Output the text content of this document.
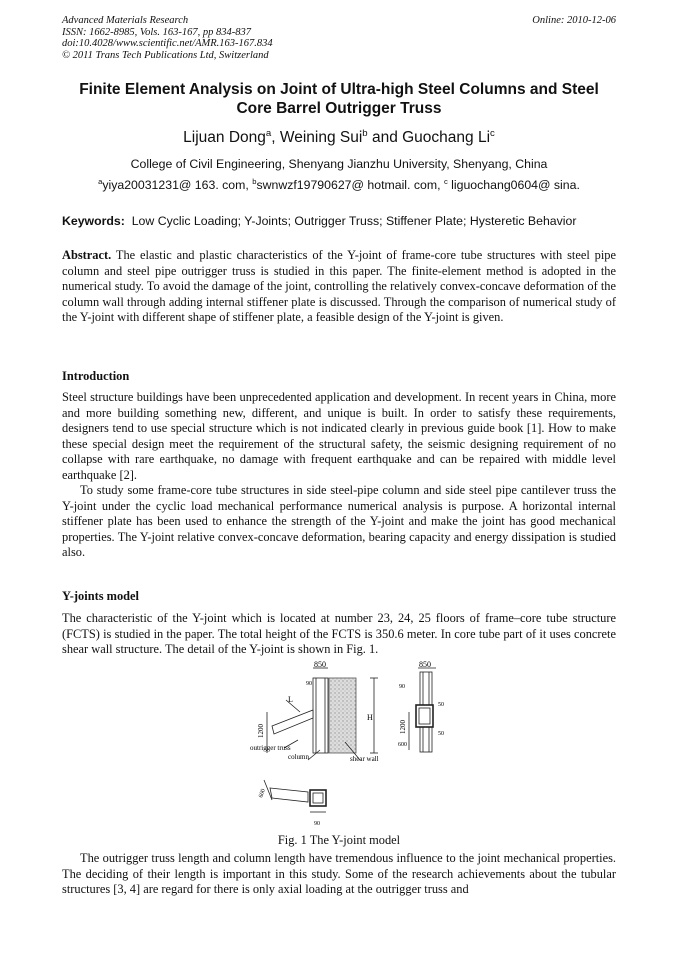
Advanced Materials Research
ISSN: 1662-8985, Vols. 163-167, pp 834-837
doi:10.4028/www.scientific.net/AMR.163-167.834
© 2011 Trans Tech Publications Ltd, Switzerland
Online: 2010-12-06
Finite Element Analysis on Joint of Ultra-high Steel Columns and Steel Core Barrel Outrigger Truss
Lijuan Dong$^a$, Weining Sui$^b$ and Guochang Li$^c$
College of Civil Engineering, Shenyang Jianzhu University, Shenyang, China
$^a$yiya20031231@ 163. com, $^b$swnwzf19790627@ hotmail. com, $^c$ liguochang0604@ sina.
Keywords: Low Cyclic Loading; Y-Joints; Outrigger Truss; Stiffener Plate; Hysteretic Behavior

Abstract. The elastic and plastic characteristics of the Y-joint of frame-core tube structures with steel pipe column and steel pipe outrigger truss is studied in this paper. The finite-element method is adopted in the numerical study. To avoid the damage of the joint, controlling the relatively convex-concave deformation of the column wall through adding internal stiffener plate is discussed. Through the comparison of numerical study of the Y-joint with different shape of stiffener plate, a feasible design of the Y-joint is given.

Introduction

Steel structure buildings have been unprecedented application and development. In recent years in China, more and more building something new, different, and unique is built. In order to satisfy these requirements, designers tend to use special structure which is not indicated clearly in previous guide book [1]. How to make these special design meet the requirement of the structural safety, the seismic designing requirement of no collapse with rare earthquake, no damage with frequent earthquake and can be repaired with middle level earthquake [2].

To study some frame-core tube structures in side steel-pipe column and side steel pipe cantilever truss the Y-joint under the cyclic load mechanical performance numerical analysis is purpose. A horizontal internal stiffener plate has been used to enhance the strength of the Y-joint and make the joint has good mechanical properties. The Y-joint relative convex-concave deformation, bearing capacity and energy dissipation is studied also.

Y-joints model

The characteristic of the Y-joint which is located at number 23, 24, 25 floors of frame–core tube structure (FCTS) is studied in the paper. The total height of the FCTS is 350.6 meter. In core tube part of it uses concrete shear wall structure. The detail of the Y-joint is shown in Fig. 1.

850
90
L
1200
H
outrigger truss
column	shear wall
850
90
50
1200	50
600
600
90
Fig. 1 The Y-joint model

The outrigger truss length and column length have tremendous influence to the joint mechanical properties. The deciding of their length is important in this study. Some of the research achievements about the tubular structures [3, 4] are regard for there is only axial loading at the outrigger truss and
